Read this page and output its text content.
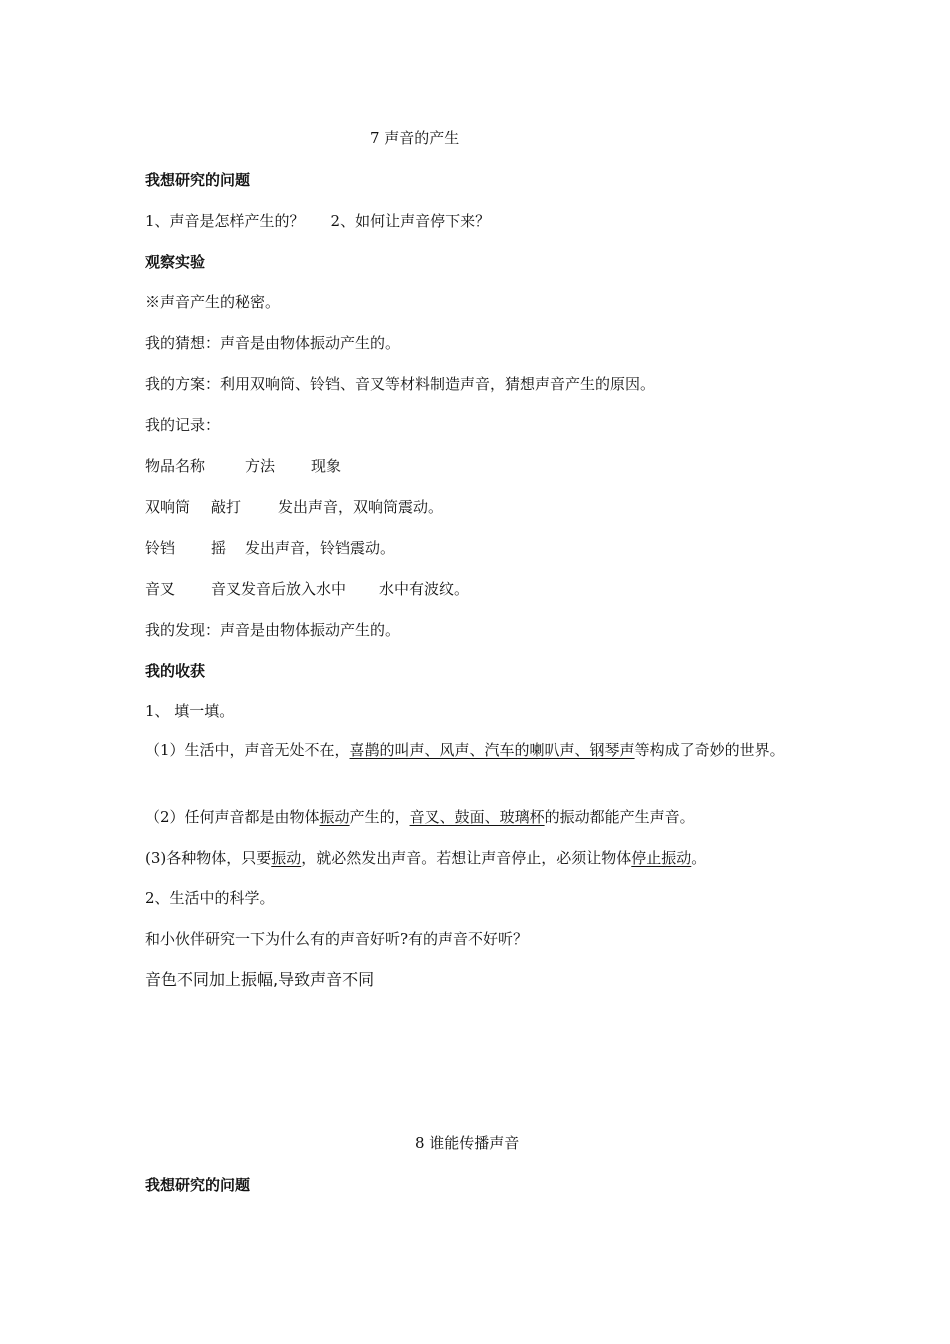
7 声音的产生
我想研究的问题
1、声音是怎样产生的？ 2、如何让声音停下来？
观察实验
※声音产生的秘密。
我的猜想：声音是由物体振动产生的。
我的方案：利用双响筒、铃铛、音叉等材料制造声音，猜想声音产生的原因。
我的记录：
物品名称	方法 现象
双响筒 敲打 发出声音，双响筒震动。
铃铛 摇 发出声音，铃铛震动。
音叉 音叉发音后放入水中 水中有波纹。
我的发现：声音是由物体振动产生的。
我的收获
1、 填一填。
（1）生活中，声音无处不在，喜鹊的叫声、风声、汽车的喇叭声、钢琴声等构成了奇妙的世界。
（2）任何声音都是由物体振动产生的，音叉、鼓面、玻璃杯的振动都能产生声音。
(3)各种物体，只要振动，就必然发出声音。若想让声音停止，必须让物体停止振动。
2、生活中的科学。
和小伙伴研究一下为什么有的声音好听?有的声音不好听？
音色不同加上振幅,导致声音不同
8 谁能传播声音
我想研究的问题
